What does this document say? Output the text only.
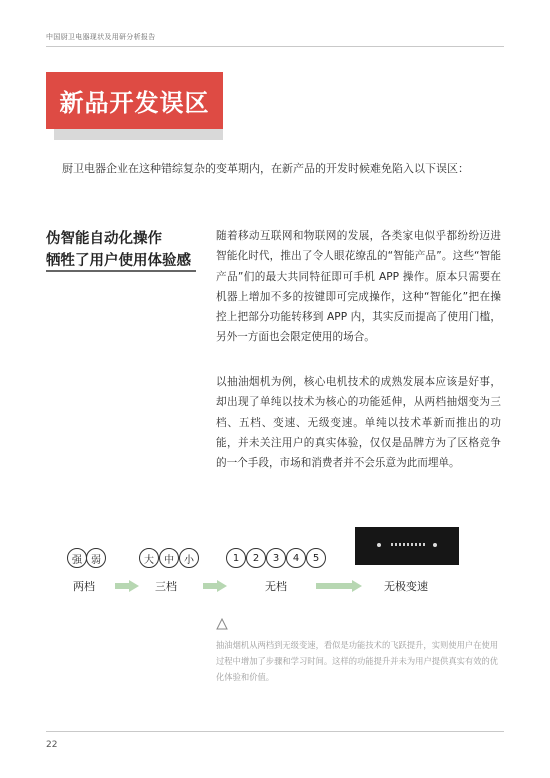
中国厨卫电器现状及用研分析报告
新品开发误区
厨卫电器企业在这种错综复杂的变革期内，在新产品的开发时候难免陷入以下误区：
伪智能自动化操作
牺牲了用户使用体验感
随着移动互联网和物联网的发展，各类家电似乎都纷纷迈进智能化时代，推出了令人眼花缭乱的“智能产品”。这些“智能产品”们的最大共同特征即可手机 APP 操作。原本只需要在机器上增加不多的按键即可完成操作，这种“智能化”把在操控上把部分功能转移到 APP 内，其实反而提高了使用门槛，另外一方面也会限定使用的场合。
以抽油烟机为例，核心电机技术的成熟发展本应该是好事，却出现了单纯以技术为核心的功能延伸，从两档抽烟变为三档、五档、变速、无级变速。单纯以技术革新而推出的功能，并未关注用户的真实体验，仅仅是品牌方为了区格竞争的一个手段，市场和消费者并不会乐意为此而埋单。
强 弱
两档
大	中	小
三档
1	2	3	4	5
无档	无极变速
抽油烟机从两档到无级变速，看似是功能技术的飞跃提升，实则使用户在使用过程中增加了步骤和学习时间。这样的功能提升并未为用户提供真实有效的优化体验和价值。
22
